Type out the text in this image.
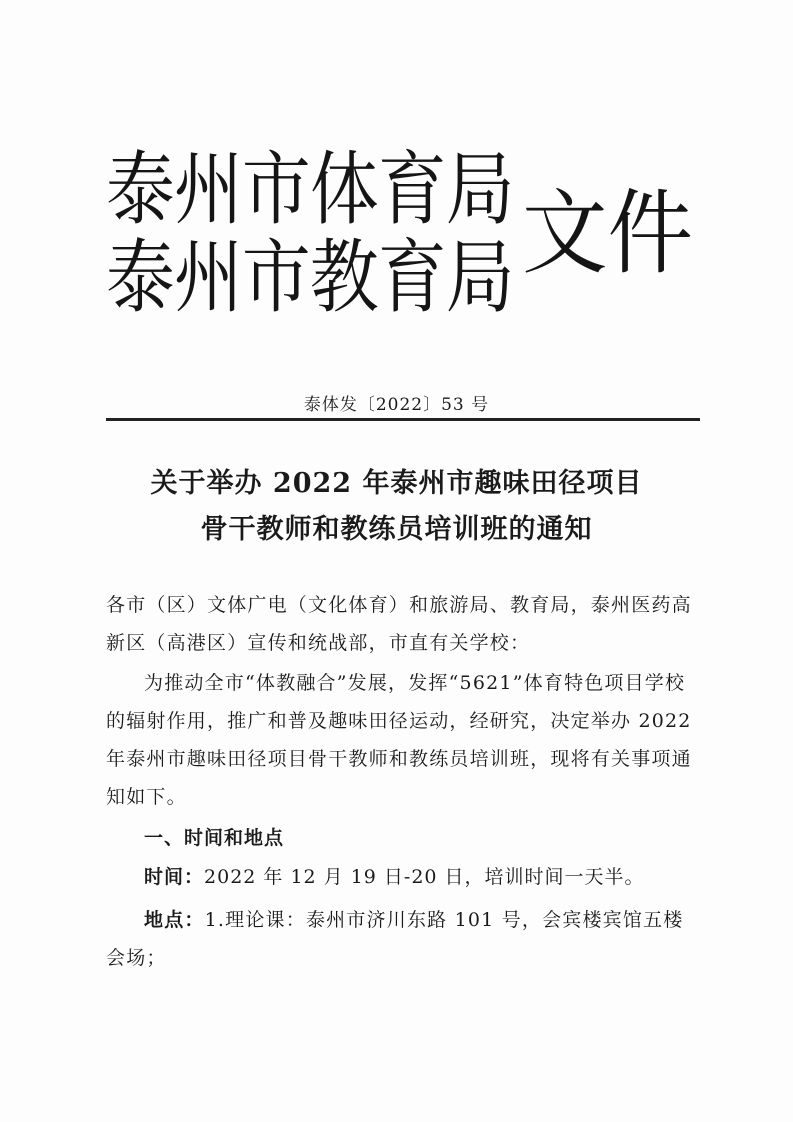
泰州市体育局
泰州市教育局 文件
泰体发〔2022〕53 号
关于举办 2022 年泰州市趣味田径项目
骨干教师和教练员培训班的通知
各市（区）文体广电（文化体育）和旅游局、教育局，泰州医药高新区（高港区）宣传和统战部，市直有关学校：
为推动全市“体教融合”发展，发挥“5621”体育特色项目学校的辐射作用，推广和普及趣味田径运动，经研究，决定举办 2022 年泰州市趣味田径项目骨干教师和教练员培训班，现将有关事项通知如下。
一、时间和地点
时间：2022 年 12 月 19 日-20 日，培训时间一天半。
地点：1.理论课：泰州市济川东路 101 号，会宾楼宾馆五楼会场；
